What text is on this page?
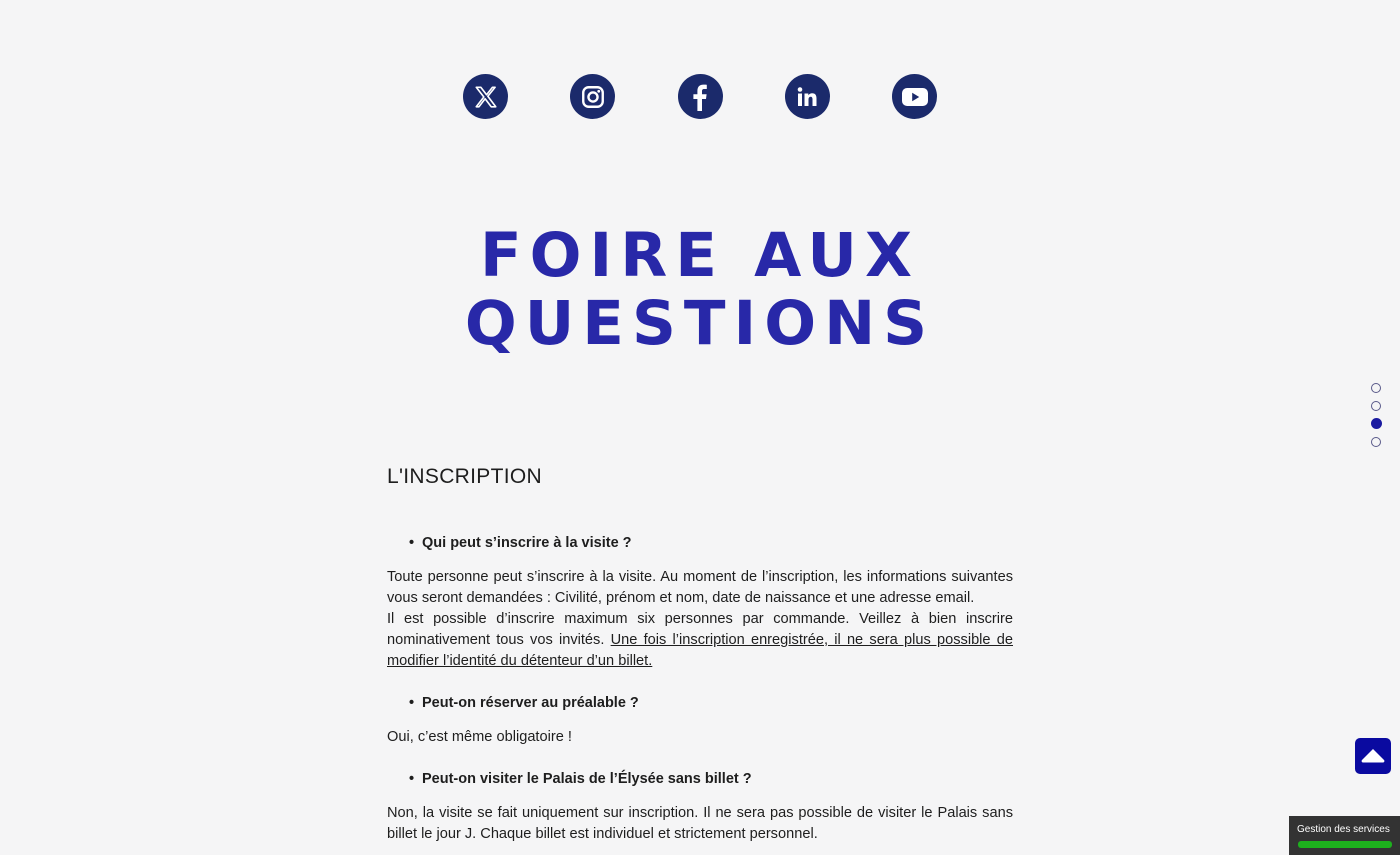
FOIRE AUX
QUESTIONS
L'INSCRIPTION
• Qui peut s’inscrire à la visite ?
Toute personne peut s’inscrire à la visite. Au moment de l’inscription, les informations suivantes vous seront demandées : Civilité, prénom et nom, date de naissance et une adresse email.
Il est possible d’inscrire maximum six personnes par commande. Veillez à bien inscrire nominativement tous vos invités. Une fois l’inscription enregistrée, il ne sera plus possible de modifier l’identité du détenteur d’un billet.
• Peut-on réserver au préalable ?
Oui, c’est même obligatoire !
• Peut-on visiter le Palais de l’Élysée sans billet ?
Non, la visite se fait uniquement sur inscription. Il ne sera pas possible de visiter le Palais sans billet le jour J. Chaque billet est individuel et strictement personnel.	Gestion des services
